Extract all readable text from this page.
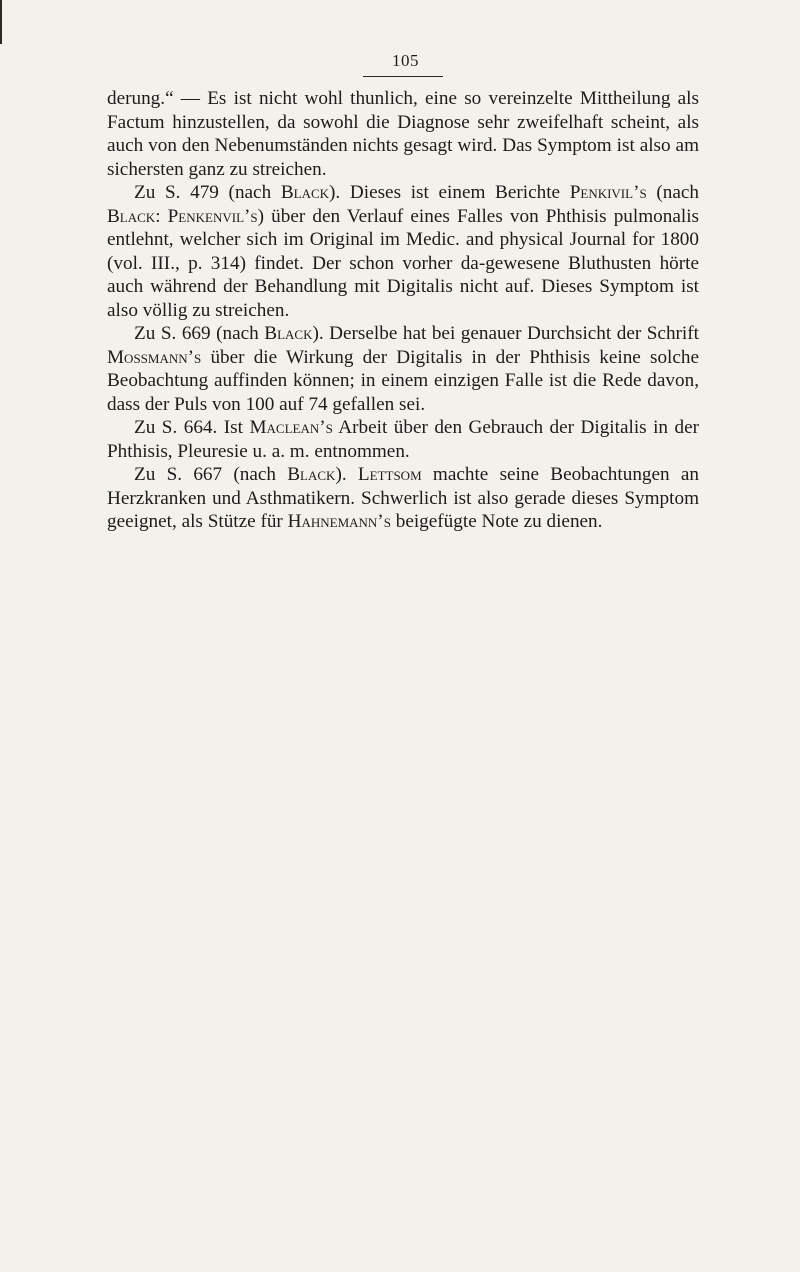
105

derung.“ — Es ist nicht wohl thunlich, eine so vereinzelte Mittheilung als Factum hinzustellen, da sowohl die Diagnose sehr zweifelhaft scheint, als auch von den Nebenumständen nichts gesagt wird. Das Symptom ist also am sichersten ganz zu streichen.

Zu S. 479 (nach Black). Dieses ist einem Berichte Penkivil’s (nach Black: Penkenvil’s) über den Verlauf eines Falles von Phthisis pulmonalis entlehnt, welcher sich im Original im Medic. and physical Journal for 1800 (vol. III., p. 314) findet. Der schon vorher da-gewesene Bluthusten hörte auch während der Behandlung mit Digitalis nicht auf. Dieses Symptom ist also völlig zu streichen.

Zu S. 669 (nach Black). Derselbe hat bei genauer Durchsicht der Schrift Mossmann’s über die Wirkung der Digitalis in der Phthisis keine solche Beobachtung auffinden können; in einem einzigen Falle ist die Rede davon, dass der Puls von 100 auf 74 gefallen sei.

Zu S. 664. Ist Maclean’s Arbeit über den Gebrauch der Digitalis in der Phthisis, Pleuresie u. a. m. entnommen.

Zu S. 667 (nach Black). Lettsom machte seine Beobachtungen an Herzkranken und Asthmatikern. Schwerlich ist also gerade dieses Symptom geeignet, als Stütze für Hahnemann’s beigefügte Note zu dienen.
